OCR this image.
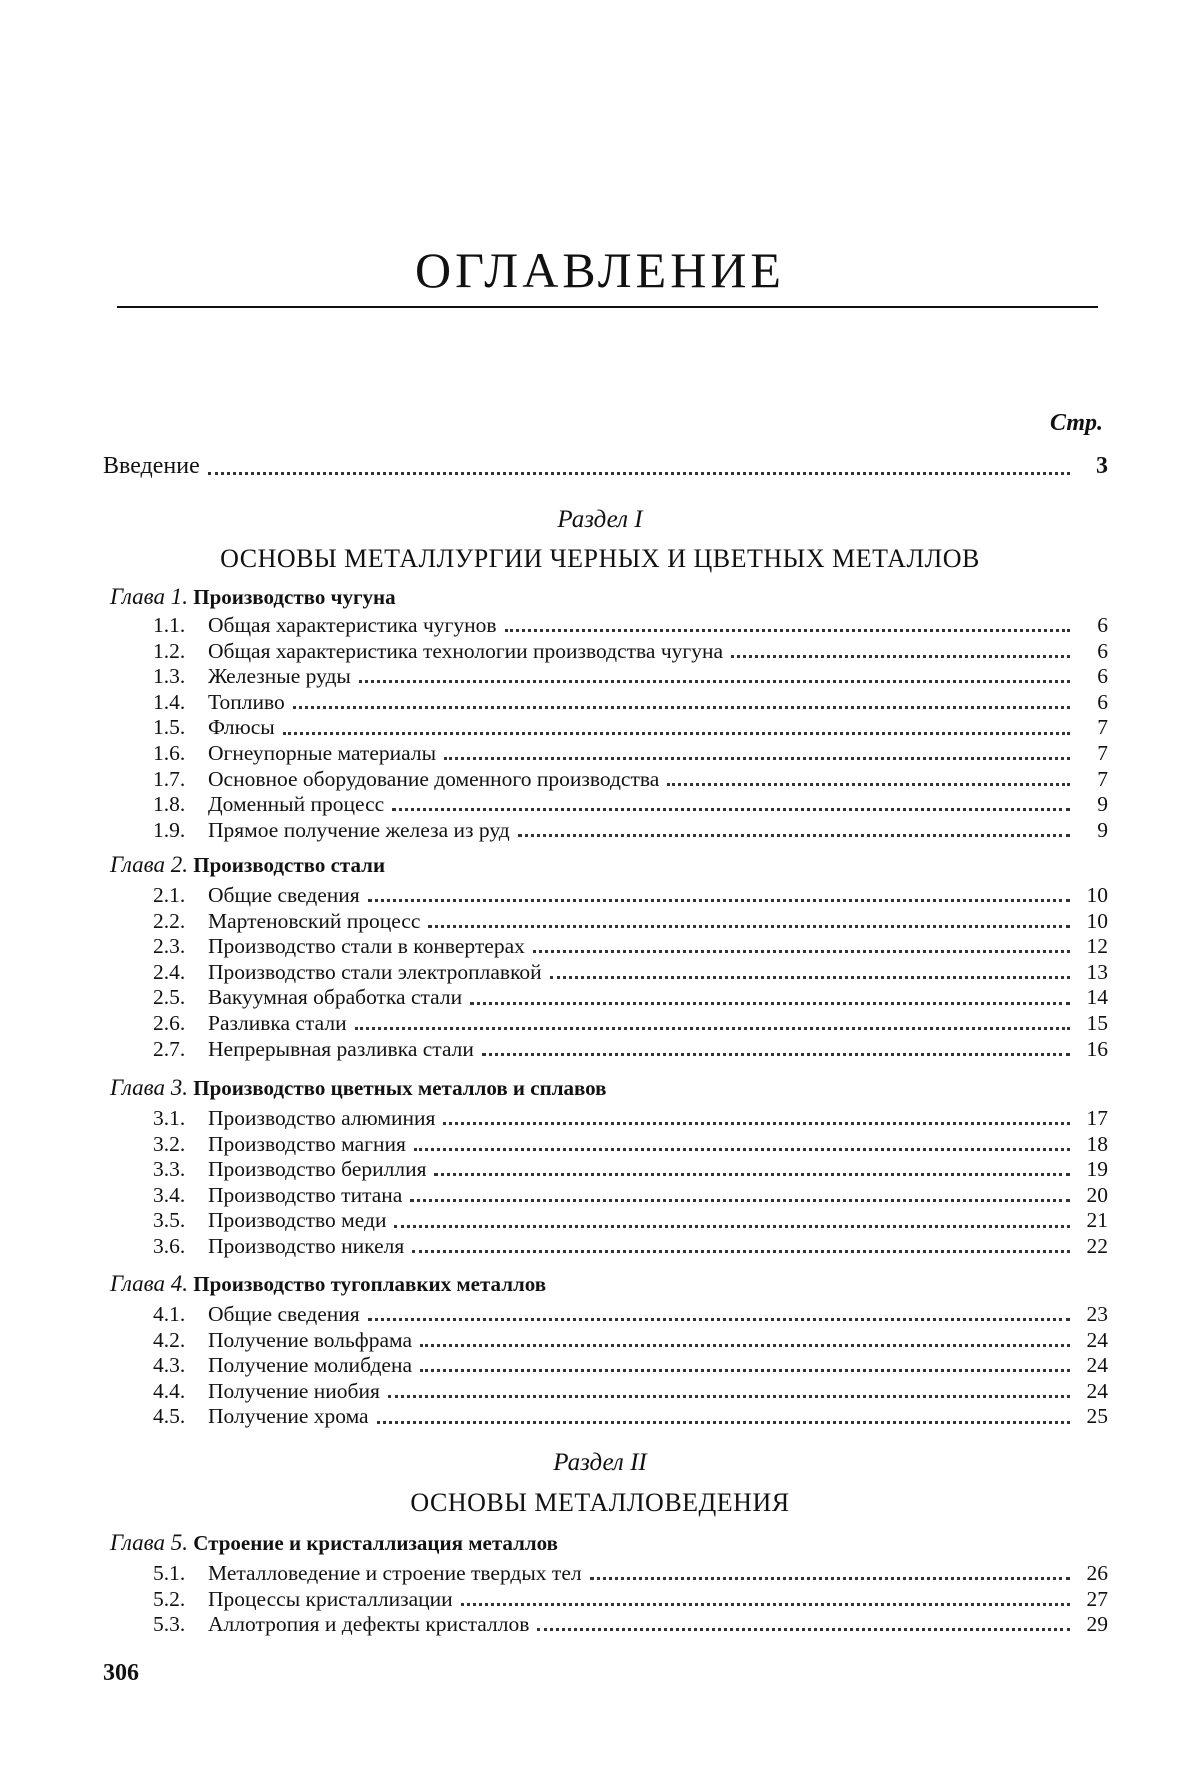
ОГЛАВЛЕНИЕ
Стр.
Введение	3
Раздел I
ОСНОВЫ МЕТАЛЛУРГИИ ЧЕРНЫХ И ЦВЕТНЫХ МЕТАЛЛОВ
Глава 1. Производство чугуна
1.1.	Общая характеристика чугунов	6
1.2.	Общая характеристика технологии производства чугуна	6
1.3.	Железные руды	6
1.4.	Топливо	6
1.5.	Флюсы	7
1.6.	Огнеупорные материалы	7
1.7.	Основное оборудование доменного производства	7
1.8.	Доменный процесс	9
1.9.	Прямое получение железа из руд	9
Глава 2. Производство стали
2.1.	Общие сведения	10
2.2.	Мартеновский процесс	10
2.3.	Производство стали в конвертерах	12
2.4.	Производство стали электроплавкой	13
2.5.	Вакуумная обработка стали	14
2.6.	Разливка стали	15
2.7.	Непрерывная разливка стали	16
Глава 3. Производство цветных металлов и сплавов
3.1.	Производство алюминия	17
3.2.	Производство магния	18
3.3.	Производство бериллия	19
3.4.	Производство титана	20
3.5.	Производство меди	21
3.6.	Производство никеля	22
Глава 4. Производство тугоплавких металлов
4.1.	Общие сведения	23
4.2.	Получение вольфрама	24
4.3.	Получение молибдена	24
4.4.	Получение ниобия	24
4.5.	Получение хрома	25
Раздел II
ОСНОВЫ МЕТАЛЛОВЕДЕНИЯ
Глава 5. Строение и кристаллизация металлов
5.1.	Металловедение и строение твердых тел	26
5.2.	Процессы кристаллизации	27
5.3.	Аллотропия и дефекты кристаллов	29
306
